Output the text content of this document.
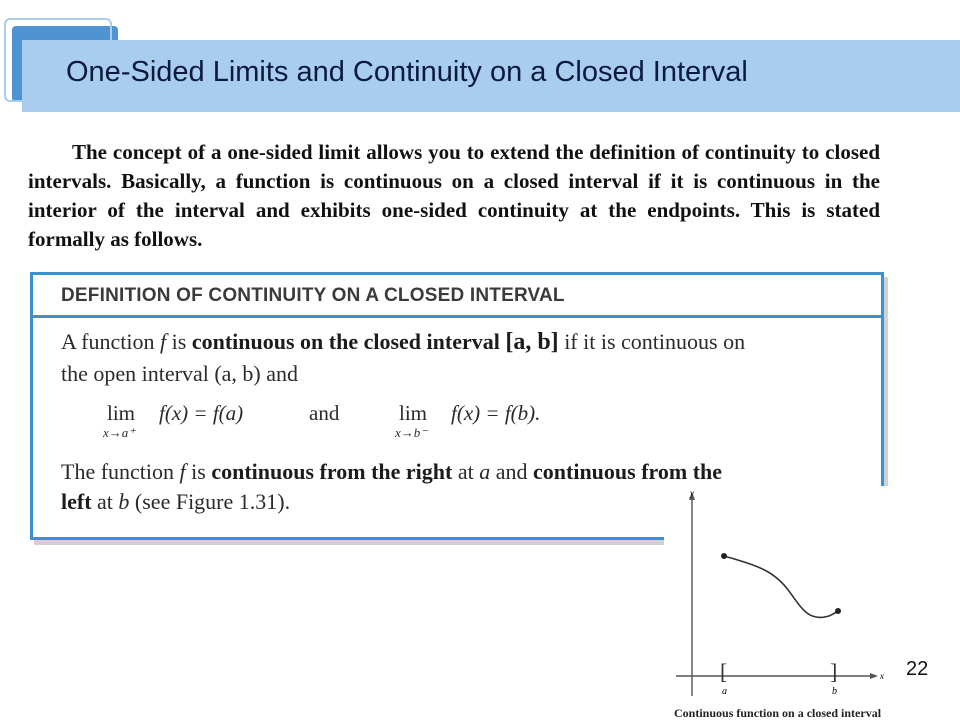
One-Sided Limits and Continuity on a Closed Interval
The concept of a one-sided limit allows you to extend the definition of continuity to closed intervals. Basically, a function is continuous on a closed interval if it is continuous in the interior of the interval and exhibits one-sided continuity at the endpoints. This is stated formally as follows.
DEFINITION OF CONTINUITY ON A CLOSED INTERVAL
A function f is continuous on the closed interval [a, b] if it is continuous on
the open interval (a, b) and
lim
x→a⁺
f(x) = f(a)	and	lim
x→b⁻
f(x) = f(b).
The function f is continuous from the right at a and continuous from the
left at b (see Figure 1.31).	y
x
[	]
a	b
Continuous function on a closed interval
22
